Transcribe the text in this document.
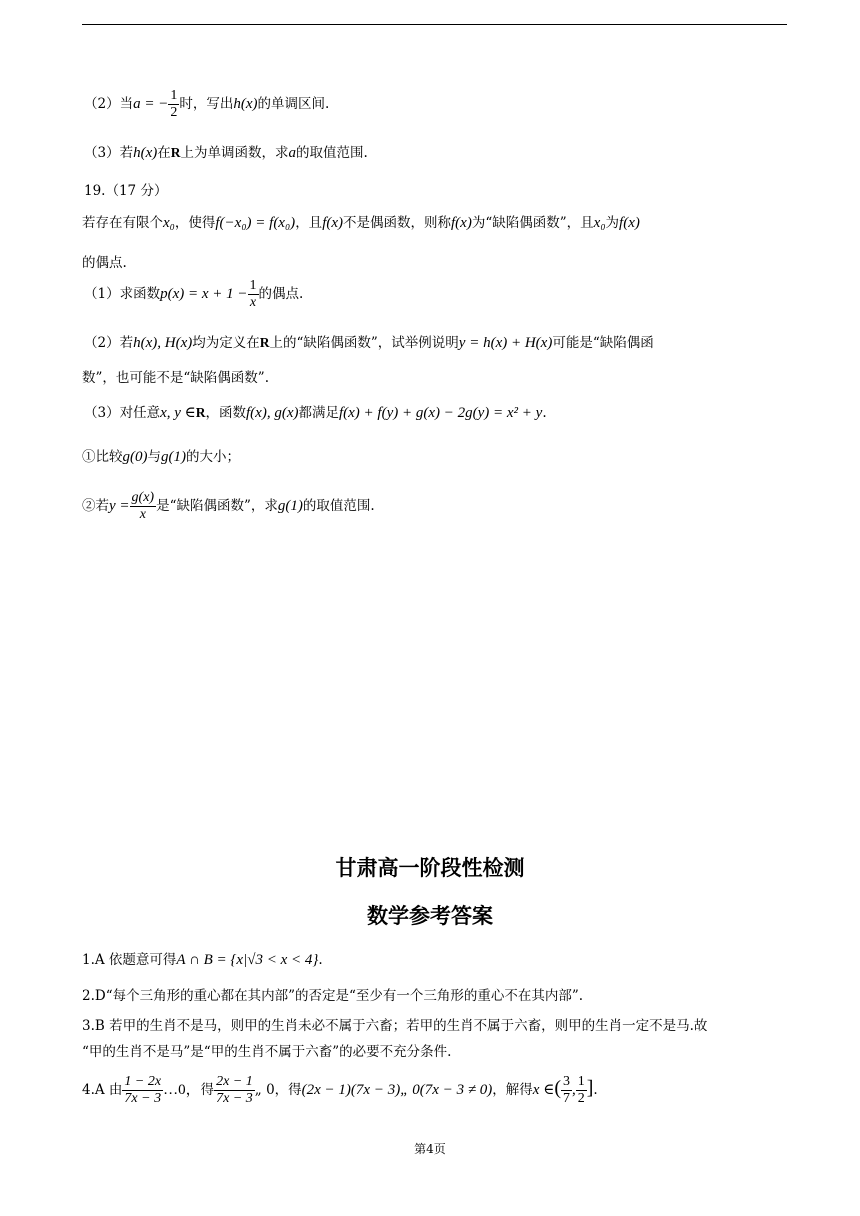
（2）当a = − $\frac{1}{2}$ 时，写出h(x)的单调区间.
（3）若h(x)在R上为单调函数，求a的取值范围.
19.（17 分）
若存在有限个x₀，使得f(−x₀) = f(x₀)，且f(x)不是偶函数，则称f(x)为“缺陷偶函数”，且x₀为f(x)
的偶点.
（1）求函数$p(x) = x + 1 - \frac{1}{x}$ 的偶点.
（2）若h(x), H(x)均为定义在R上的“缺陷偶函数”，试举例说明y = h(x) + H(x)可能是“缺陷偶函
数”，也可能不是“缺陷偶函数”.
（3）对任意x, y ∈R，函数f(x), g(x)都满足f(x) + f(y) + g(x) − 2g(y) = x² + y.
①比较g(0)与g(1)的大小；
②若$y = \frac{g(x)}{x}$ 是“缺陷偶函数”，求g(1)的取值范围.
甘肃高一阶段性检测
数学参考答案
1.A 依题意可得A ∩ B = {x|√3 < x < 4}.
2.D“每个三角形的重心都在其内部”的否定是“至少有一个三角形的重心不在其内部”.
3.B 若甲的生肖不是马，则甲的生肖未必不属于六畜；若甲的生肖不属于六畜，则甲的生肖一定不是马.故
“甲的生肖不是马”是“甲的生肖不属于六畜”的必要不充分条件.
4.A 由 $\frac{1 - 2x}{7x - 3}$ …0，得 $\frac{2x - 1}{7x - 3}$ „ 0，得(2x − 1)(7x − 3)„ 0(7x − 3 ≠ 0)，解得x ∈( $\frac{3}{7}$ , $\frac{1}{2}$ ].
第4页
